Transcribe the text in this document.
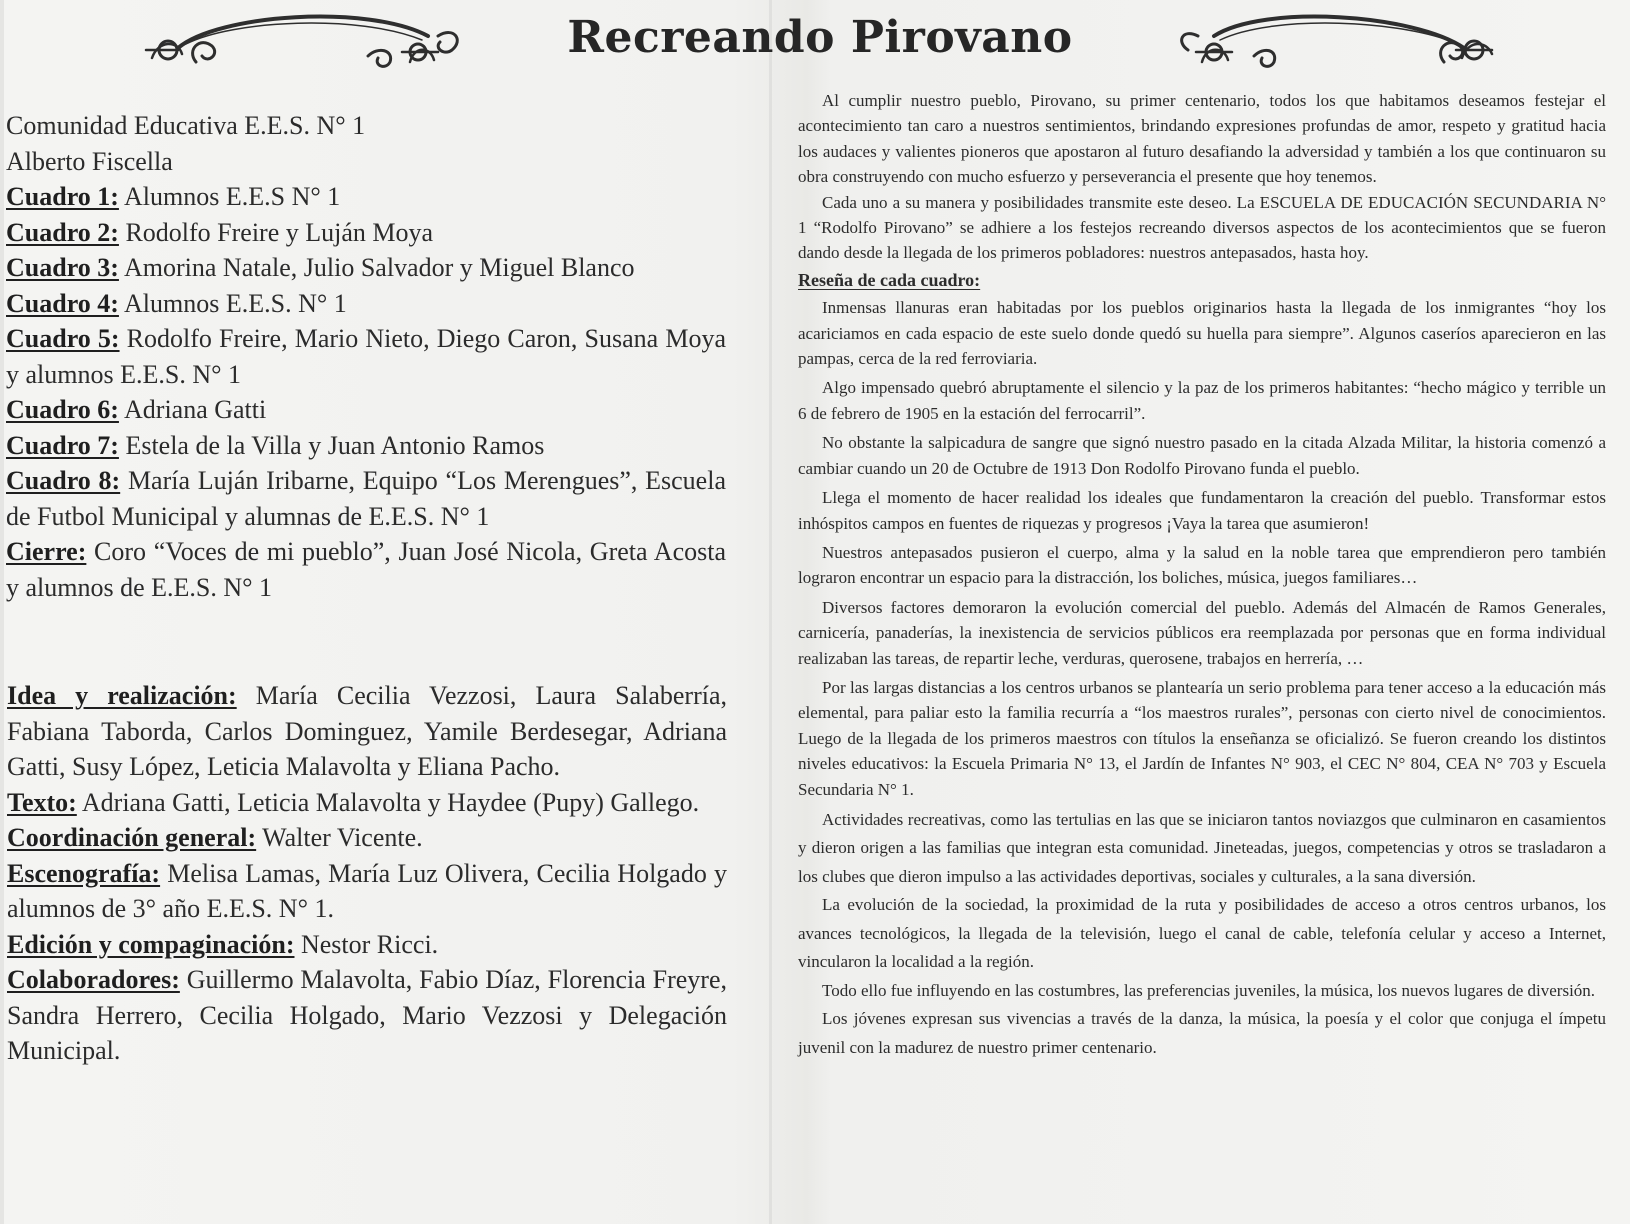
Recreando Pirovano
Comunidad Educativa E.E.S. N° 1
Alberto Fiscella
Cuadro 1: Alumnos E.E.S N° 1
Cuadro 2: Rodolfo Freire y Luján Moya
Cuadro 3: Amorina Natale, Julio Salvador y Miguel Blanco
Cuadro 4: Alumnos E.E.S. N° 1
Cuadro 5: Rodolfo Freire, Mario Nieto, Diego Caron, Susana Moya y alumnos E.E.S. N° 1
Cuadro 6: Adriana Gatti
Cuadro 7: Estela de la Villa y Juan Antonio Ramos
Cuadro 8: María Luján Iribarne, Equipo “Los Merengues”, Escuela de Futbol Municipal y alumnas de E.E.S. N° 1
Cierre: Coro “Voces de mi pueblo”, Juan José Nicola, Greta Acosta y alumnos de E.E.S. N° 1
Idea y realización: María Cecilia Vezzosi, Laura Salaberría, Fabiana Taborda, Carlos Dominguez, Yamile Berdesegar, Adriana Gatti, Susy López, Leticia Malavolta y Eliana Pacho.
Texto: Adriana Gatti, Leticia Malavolta y Haydee (Pupy) Gallego.
Coordinación general: Walter Vicente.
Escenografía: Melisa Lamas, María Luz Olivera, Cecilia Holgado y alumnos de 3° año E.E.S. N° 1.
Edición y compaginación: Nestor Ricci.
Colaboradores: Guillermo Malavolta, Fabio Díaz, Florencia Freyre, Sandra Herrero, Cecilia Holgado, Mario Vezzosi y Delegación Municipal.

Al cumplir nuestro pueblo, Pirovano, su primer centenario, todos los que habitamos deseamos festejar el acontecimiento tan caro a nuestros sentimientos, brindando expresiones profundas de amor, respeto y gratitud hacia los audaces y valientes pioneros que apostaron al futuro desafiando la adversidad y también a los que continuaron su obra construyendo con mucho esfuerzo y perseverancia el presente que hoy tenemos.

Cada uno a su manera y posibilidades transmite este deseo. La ESCUELA DE EDUCACIÓN SECUNDARIA N° 1 “Rodolfo Pirovano” se adhiere a los festejos recreando diversos aspectos de los acontecimientos que se fueron dando desde la llegada de los primeros pobladores: nuestros antepasados, hasta hoy.

Reseña de cada cuadro:

Inmensas llanuras eran habitadas por los pueblos originarios hasta la llegada de los inmigrantes “hoy los acariciamos en cada espacio de este suelo donde quedó su huella para siempre”. Algunos caseríos aparecieron en las pampas, cerca de la red ferroviaria.

Algo impensado quebró abruptamente el silencio y la paz de los primeros habitantes: “hecho mágico y terrible un 6 de febrero de 1905 en la estación del ferrocarril”.

No obstante la salpicadura de sangre que signó nuestro pasado en la citada Alzada Militar, la historia comenzó a cambiar cuando un 20 de Octubre de 1913 Don Rodolfo Pirovano funda el pueblo.

Llega el momento de hacer realidad los ideales que fundamentaron la creación del pueblo. Transformar estos inhóspitos campos en fuentes de riquezas y progresos ¡Vaya la tarea que asumieron!

Nuestros antepasados pusieron el cuerpo, alma y la salud en la noble tarea que emprendieron pero también lograron encontrar un espacio para la distracción, los boliches, música, juegos familiares…

Diversos factores demoraron la evolución comercial del pueblo. Además del Almacén de Ramos Generales, carnicería, panaderías, la inexistencia de servicios públicos era reemplazada por personas que en forma individual realizaban las tareas, de repartir leche, verduras, querosene, trabajos en herrería, …

Por las largas distancias a los centros urbanos se plantearía un serio problema para tener acceso a la educación más elemental, para paliar esto la familia recurría a “los maestros rurales”, personas con cierto nivel de conocimientos. Luego de la llegada de los primeros maestros con títulos la enseñanza se oficializó. Se fueron creando los distintos niveles educativos: la Escuela Primaria N° 13, el Jardín de Infantes N° 903, el CEC N° 804, CEA N° 703 y Escuela Secundaria N° 1.

Actividades recreativas, como las tertulias en las que se iniciaron tantos noviazgos que culminaron en casamientos y dieron origen a las familias que integran esta comunidad. Jineteadas, juegos, competencias y otros se trasladaron a los clubes que dieron impulso a las actividades deportivas, sociales y culturales, a la sana diversión.

La evolución de la sociedad, la proximidad de la ruta y posibilidades de acceso a otros centros urbanos, los avances tecnológicos, la llegada de la televisión, luego el canal de cable, telefonía celular y acceso a Internet, vincularon la localidad a la región.

Todo ello fue influyendo en las costumbres, las preferencias juveniles, la música, los nuevos lugares de diversión.

Los jóvenes expresan sus vivencias a través de la danza, la música, la poesía y el color que conjuga el ímpetu juvenil con la madurez de nuestro primer centenario.
